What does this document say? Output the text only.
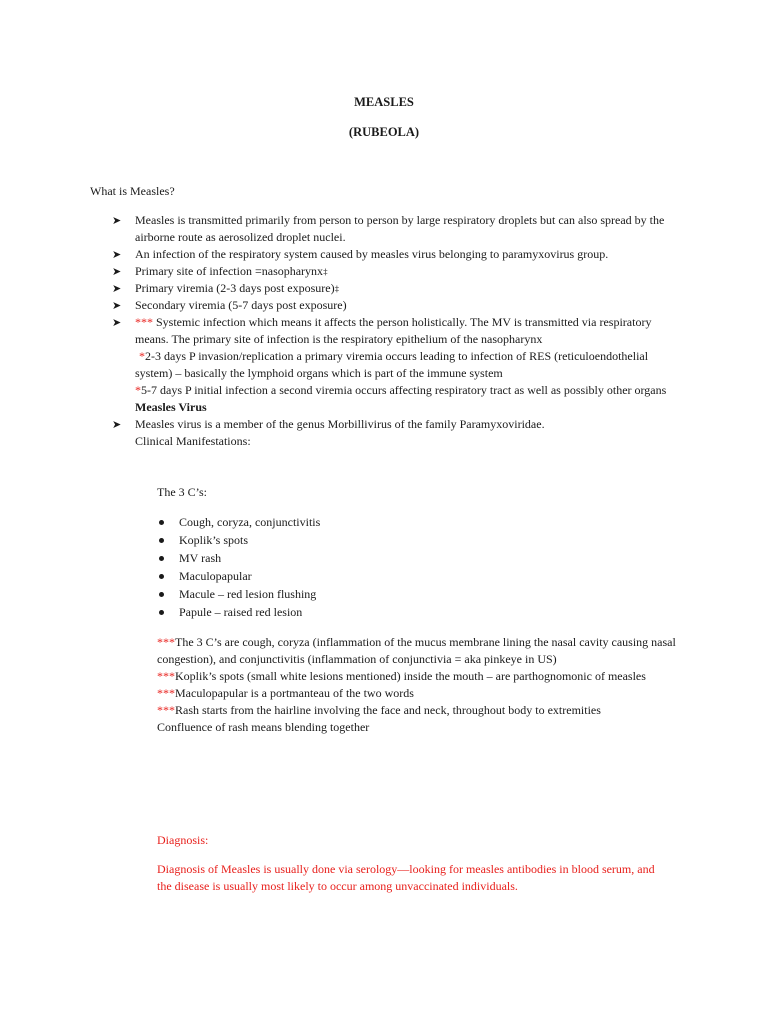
MEASLES
(RUBEOLA)
What is Measles?
➤	Measles is transmitted primarily from person to person by large respiratory droplets but can also spread by the airborne route as aerosolized droplet nuclei.
➤	An infection of the respiratory system caused by measles virus belonging to paramyxovirus group.
➤	Primary site of infection =nasopharynx‡
➤	Primary viremia (2-3 days post exposure)‡
➤	Secondary viremia (5-7 days post exposure)
➤	*** Systemic infection which means it affects the person holistically. The MV is transmitted via respiratory means. The primary site of infection is the respiratory epithelium of the nasopharynx
*2-3 days P invasion/replication a primary viremia occurs leading to infection of RES (reticuloendothelial system) – basically the lymphoid organs which is part of the immune system
*5-7 days P initial infection a second viremia occurs affecting respiratory tract as well as possibly other organs
Measles Virus
➤	Measles virus is a member of the genus Morbillivirus of the family Paramyxoviridae.
Clinical Manifestations:
The 3 C’s:
Cough, coryza, conjunctivitis
Koplik’s spots
MV rash
Maculopapular
Macule – red lesion flushing
Papule – raised red lesion
***The 3 C’s are cough, coryza (inflammation of the mucus membrane lining the nasal cavity causing nasal congestion), and conjunctivitis (inflammation of conjunctivia = aka pinkeye in US)
***Koplik’s spots (small white lesions mentioned) inside the mouth – are parthognomonic of measles
***Maculopapular is a portmanteau of the two words
***Rash starts from the hairline involving the face and neck, throughout body to extremities
Confluence of rash means blending together
Diagnosis:
Diagnosis of Measles is usually done via serology—looking for measles antibodies in blood serum, and the disease is usually most likely to occur among unvaccinated individuals.
